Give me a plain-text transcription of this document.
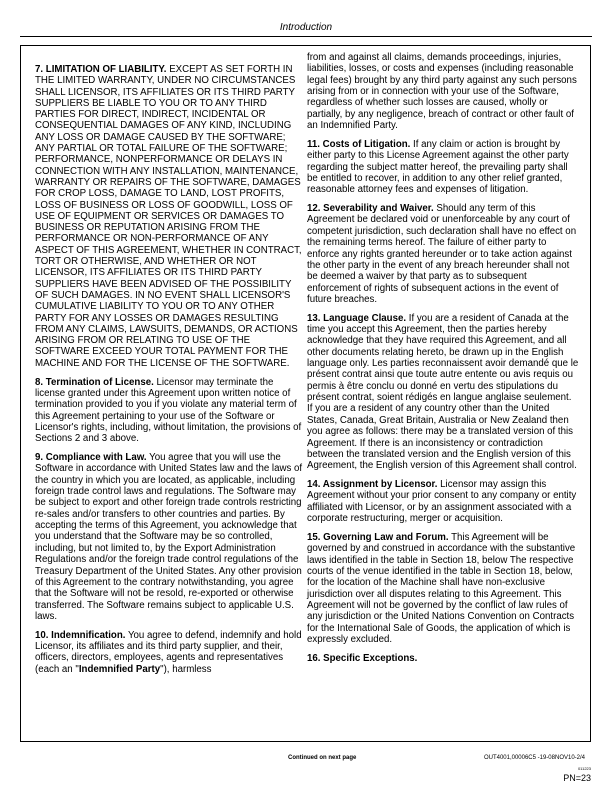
Introduction

7. LIMITATION OF LIABILITY. EXCEPT AS SET FORTH IN THE LIMITED WARRANTY, UNDER NO CIRCUMSTANCES SHALL LICENSOR, ITS AFFILIATES OR ITS THIRD PARTY SUPPLIERS BE LIABLE TO YOU OR TO ANY THIRD PARTIES FOR DIRECT, INDIRECT, INCIDENTAL OR CONSEQUENTIAL DAMAGES OF ANY KIND, INCLUDING ANY LOSS OR DAMAGE CAUSED BY THE SOFTWARE; ANY PARTIAL OR TOTAL FAILURE OF THE SOFTWARE; PERFORMANCE, NONPERFORMANCE OR DELAYS IN CONNECTION WITH ANY INSTALLATION, MAINTENANCE, WARRANTY OR REPAIRS OF THE SOFTWARE, DAMAGES FOR CROP LOSS, DAMAGE TO LAND, LOST PROFITS, LOSS OF BUSINESS OR LOSS OF GOODWILL, LOSS OF USE OF EQUIPMENT OR SERVICES OR DAMAGES TO BUSINESS OR REPUTATION ARISING FROM THE PERFORMANCE OR NON-PERFORMANCE OF ANY ASPECT OF THIS AGREEMENT, WHETHER IN CONTRACT, TORT OR OTHERWISE, AND WHETHER OR NOT LICENSOR, ITS AFFILIATES OR ITS THIRD PARTY SUPPLIERS HAVE BEEN ADVISED OF THE POSSIBILITY OF SUCH DAMAGES. IN NO EVENT SHALL LICENSOR'S CUMULATIVE LIABILITY TO YOU OR TO ANY OTHER PARTY FOR ANY LOSSES OR DAMAGES RESULTING FROM ANY CLAIMS, LAWSUITS, DEMANDS, OR ACTIONS ARISING FROM OR RELATING TO USE OF THE SOFTWARE EXCEED YOUR TOTAL PAYMENT FOR THE MACHINE AND FOR THE LICENSE OF THE SOFTWARE.

8. Termination of License. Licensor may terminate the license granted under this Agreement upon written notice of termination provided to you if you violate any material term of this Agreement pertaining to your use of the Software or Licensor's rights, including, without limitation, the provisions of Sections 2 and 3 above.

9. Compliance with Law. You agree that you will use the Software in accordance with United States law and the laws of the country in which you are located, as applicable, including foreign trade control laws and regulations. The Software may be subject to export and other foreign trade controls restricting re-sales and/or transfers to other countries and parties. By accepting the terms of this Agreement, you acknowledge that you understand that the Software may be so controlled, including, but not limited to, by the Export Administration Regulations and/or the foreign trade control regulations of the Treasury Department of the United States. Any other provision of this Agreement to the contrary notwithstanding, you agree that the Software will not be resold, re-exported or otherwise transferred. The Software remains subject to applicable U.S. laws.

10. Indemnification. You agree to defend, indemnify and hold Licensor, its affiliates and its third party supplier, and their, officers, directors, employees, agents and representatives (each an "Indemnified Party"), harmless

from and against all claims, demands proceedings, injuries, liabilities, losses, or costs and expenses (including reasonable legal fees) brought by any third party against any such persons arising from or in connection with your use of the Software, regardless of whether such losses are caused, wholly or partially, by any negligence, breach of contract or other fault of an Indemnified Party.

11. Costs of Litigation. If any claim or action is brought by either party to this License Agreement against the other party regarding the subject matter hereof, the prevailing party shall be entitled to recover, in addition to any other relief granted, reasonable attorney fees and expenses of litigation.

12. Severability and Waiver. Should any term of this Agreement be declared void or unenforceable by any court of competent jurisdiction, such declaration shall have no effect on the remaining terms hereof. The failure of either party to enforce any rights granted hereunder or to take action against the other party in the event of any breach hereunder shall not be deemed a waiver by that party as to subsequent enforcement of rights of subsequent actions in the event of future breaches.

13. Language Clause. If you are a resident of Canada at the time you accept this Agreement, then the parties hereby acknowledge that they have required this Agreement, and all other documents relating hereto, be drawn up in the English language only. Les parties reconnaissent avoir demandé que le présent contrat ainsi que toute autre entente ou avis requis ou permis à être conclu ou donné en vertu des stipulations du présent contrat, soient rédigés en langue anglaise seulement. If you are a resident of any country other than the United States, Canada, Great Britain, Australia or New Zealand then you agree as follows: there may be a translated version of this Agreement. If there is an inconsistency or contradiction between the translated version and the English version of this Agreement, the English version of this Agreement shall control.

14. Assignment by Licensor. Licensor may assign this Agreement without your prior consent to any company or entity affiliated with Licensor, or by an assignment associated with a corporate restructuring, merger or acquisition.

15. Governing Law and Forum. This Agreement will be governed by and construed in accordance with the substantive laws identified in the table in Section 18, below The respective courts of the venue identified in the table in Section 18, below, for the location of the Machine shall have non-exclusive jurisdiction over all disputes relating to this Agreement. This Agreement will not be governed by the conflict of law rules of any jurisdiction or the United Nations Convention on Contracts for the International Sale of Goods, the application of which is expressly excluded.

16. Specific Exceptions.

Continued on next page	OUT4001,00006C5 -19-08NOV10-2/4
011223
PN=23
